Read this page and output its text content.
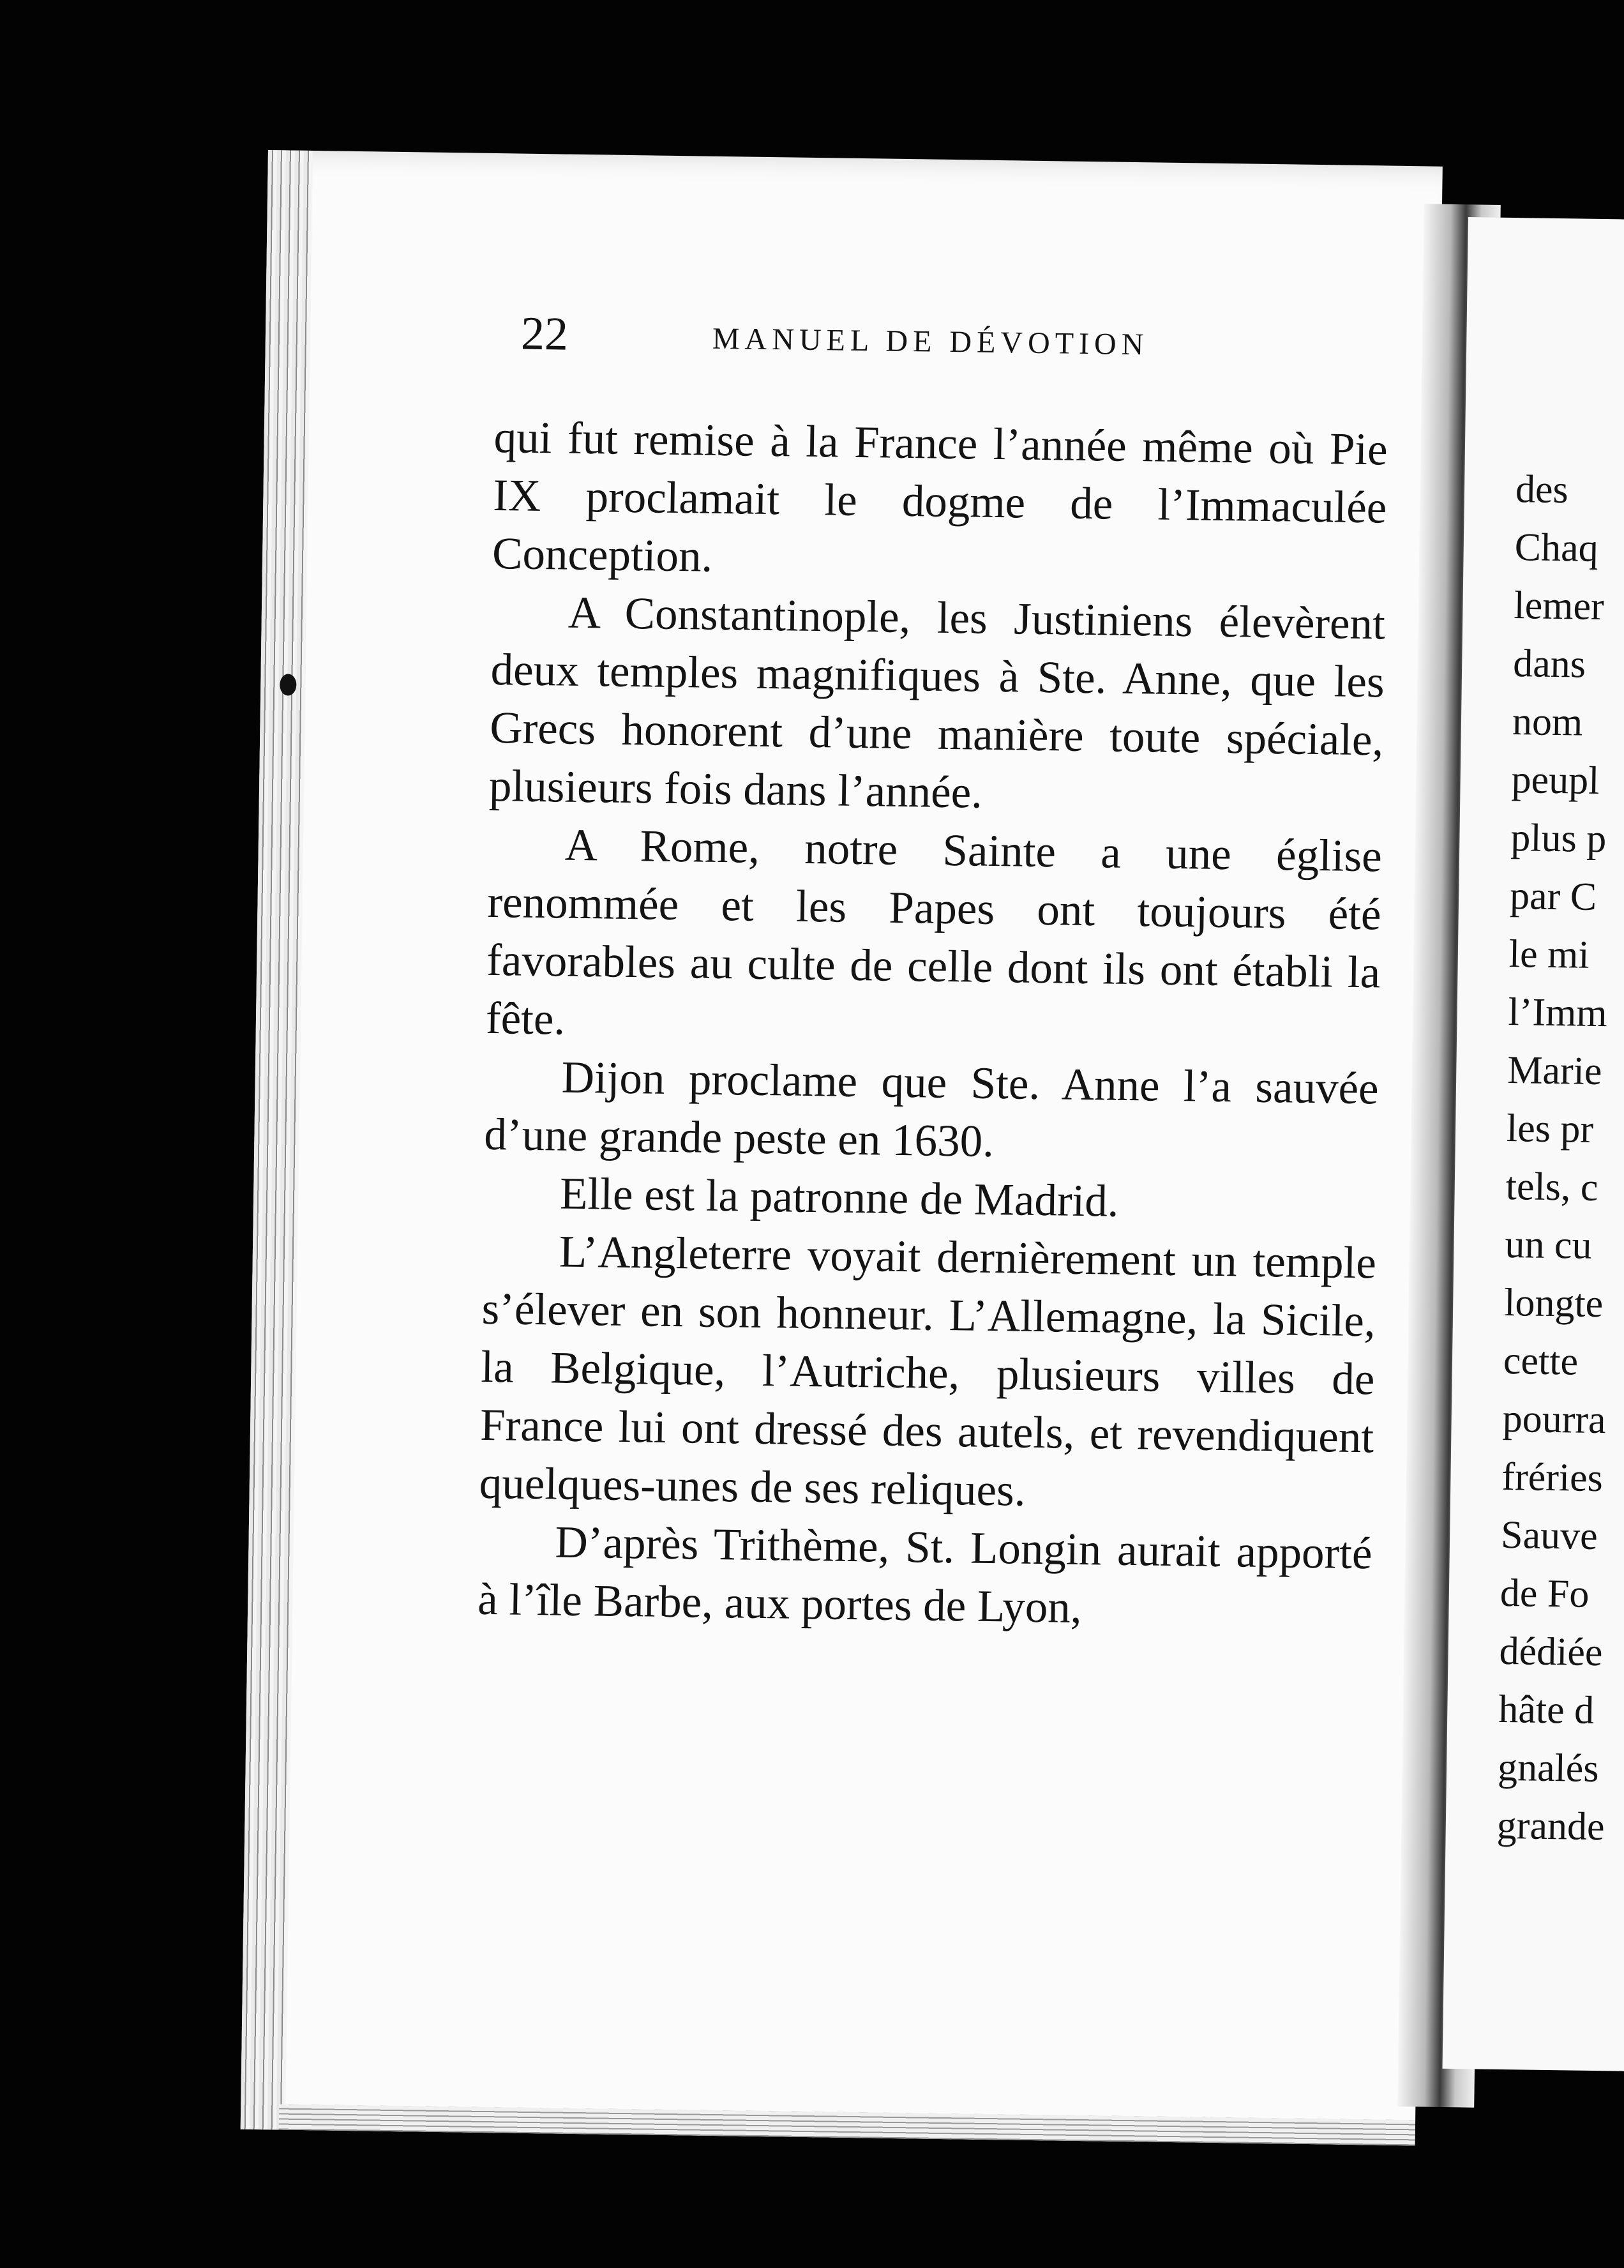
22	MANUEL DE DÉVOTION

qui fut remise à la France l’année même où Pie IX proclamait le dogme de l’Immaculée Conception.

A Constantinople, les Justiniens élevèrent deux temples magnifiques à Ste. Anne, que les Grecs honorent d’une manière toute spéciale, plusieurs fois dans l’année.

A Rome, notre Sainte a une église renommée et les Papes ont toujours été favorables au culte de celle dont ils ont établi la fête.

Dijon proclame que Ste. Anne l’a sauvée d’une grande peste en 1630.

Elle est la patronne de Madrid.

L’Angleterre voyait dernièrement un temple s’élever en son honneur. L’Allemagne, la Sicile, la Belgique, l’Autriche, plusieurs villes de France lui ont dressé des autels, et revendiquent quelques-unes de ses reliques.

D’après Trithème, St. Longin aurait apporté à l’île Barbe, aux portes de Lyon,

des
Chaq
lemer
dans
nom
peupl
plus p
par C
le mi
l’Imm
Marie
les pr
tels, c
un cu
longte
cette
pourra
fréries
Sauve
de Fo
dédiée
hâte d
gnalés
grande
